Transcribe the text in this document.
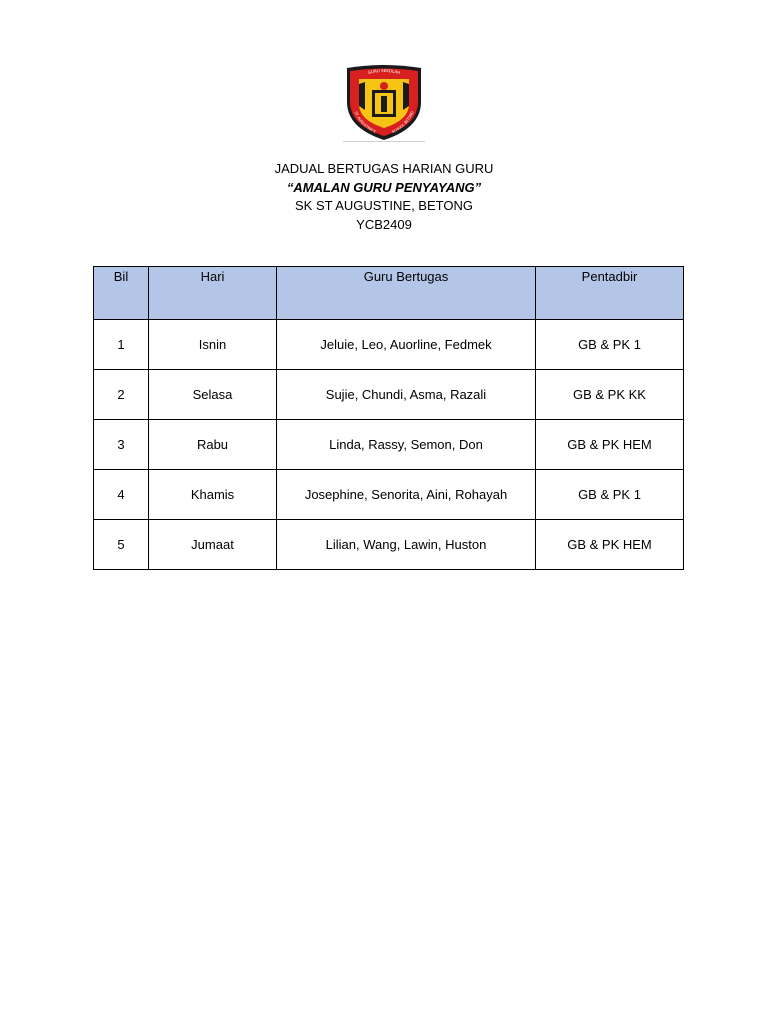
GURU SEKOLAH
ST. AUGUSTINE'S	SCHOOL BETONG
JADUAL BERTUGAS HARIAN GURU
“AMALAN GURU PENYAYANG”
SK ST AUGUSTINE, BETONG
YCB2409
Bil	Hari	Guru Bertugas	Pentadbir
1	Isnin	Jeluie, Leo, Auorline, Fedmek	GB & PK 1
2	Selasa	Sujie, Chundi, Asma, Razali	GB & PK KK
3	Rabu	Linda, Rassy, Semon, Don	GB & PK HEM
4	Khamis	Josephine, Senorita, Aini, Rohayah	GB & PK 1
5	Jumaat	Lilian, Wang, Lawin, Huston	GB & PK HEM
